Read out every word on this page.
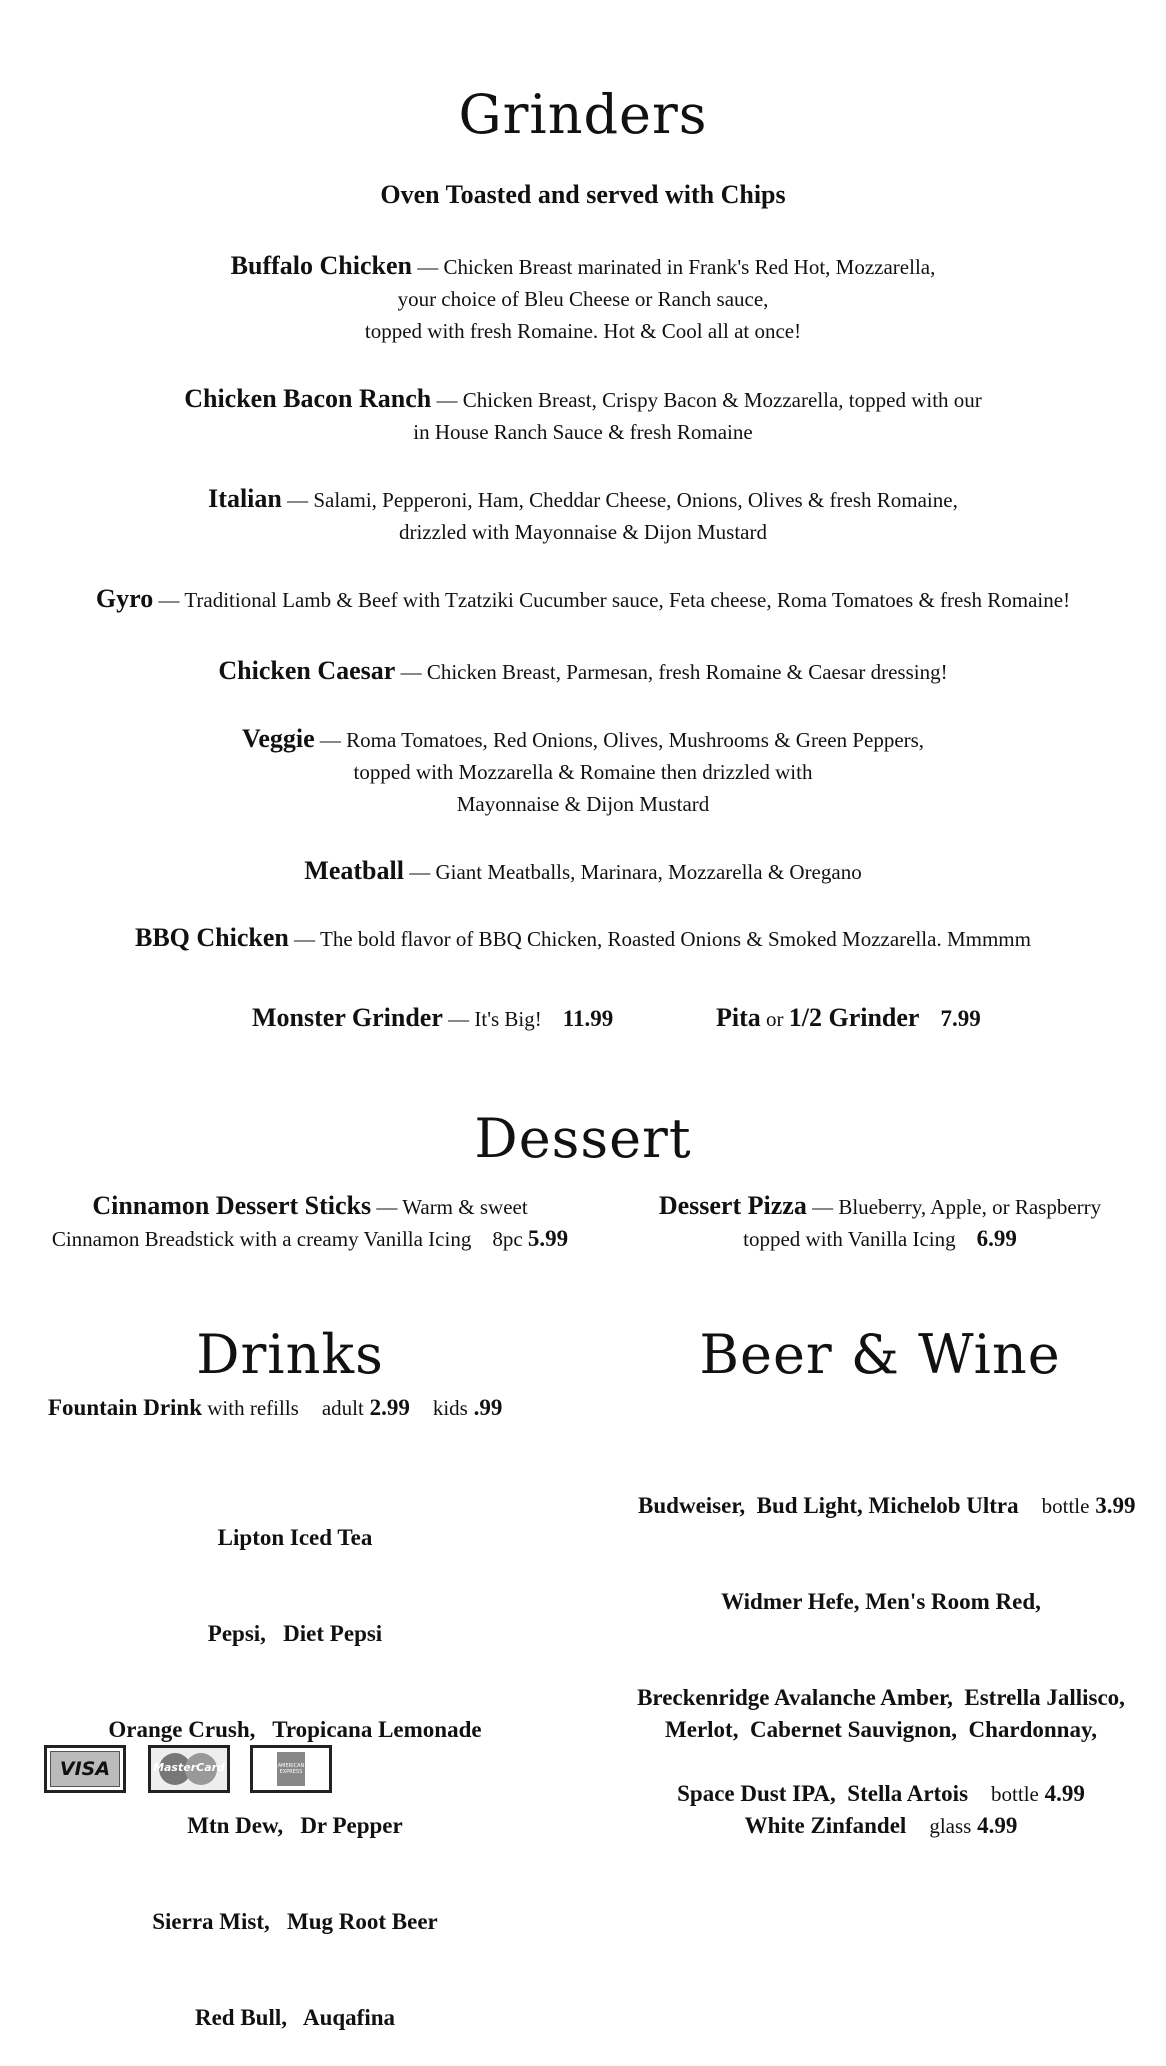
Grinders
Oven Toasted and served with Chips
Buffalo Chicken — Chicken Breast marinated in Frank's Red Hot, Mozzarella,
your choice of Bleu Cheese or Ranch sauce,
topped with fresh Romaine. Hot & Cool all at once!
Chicken Bacon Ranch — Chicken Breast, Crispy Bacon & Mozzarella, topped with our
in House Ranch Sauce & fresh Romaine
Italian — Salami, Pepperoni, Ham, Cheddar Cheese, Onions, Olives & fresh Romaine,
drizzled with Mayonnaise & Dijon Mustard
Gyro — Traditional Lamb & Beef with Tzatziki Cucumber sauce, Feta cheese, Roma Tomatoes & fresh Romaine!
Chicken Caesar — Chicken Breast, Parmesan, fresh Romaine & Caesar dressing!
Veggie — Roma Tomatoes, Red Onions, Olives, Mushrooms & Green Peppers,
topped with Mozzarella & Romaine then drizzled with
Mayonnaise & Dijon Mustard
Meatball — Giant Meatballs, Marinara, Mozzarella & Oregano
BBQ Chicken — The bold flavor of BBQ Chicken, Roasted Onions & Smoked Mozzarella. Mmmmm
Monster Grinder — It's Big! 11.99	Pita or 1/2 Grinder 7.99
Dessert
Cinnamon Dessert Sticks — Warm & sweet
Cinnamon Breadstick with a creamy Vanilla Icing 8pc 5.99
Dessert Pizza — Blueberry, Apple, or Raspberry
topped with Vanilla Icing 6.99
Drinks
Fountain Drink with refills adult 2.99 kids .99

Lipton Iced Tea

Pepsi,   Diet Pepsi

Orange Crush,   Tropicana Lemonade

Mtn Dew,   Dr Pepper

Sierra Mist,   Mug Root Beer

Red Bull,   Auqafina

Beer & Wine

Budweiser,  Bud Light, Michelob Ultra bottle 3.99

Widmer Hefe, Men's Room Red,

Breckenridge Avalanche Amber,  Estrella Jallisco,

Space Dust IPA,  Stella Artois bottle 4.99

Merlot,  Cabernet Sauvignon,  Chardonnay,

White Zinfandel glass 4.99

VISA	MasterCard	AMERICAN EXPRESS
